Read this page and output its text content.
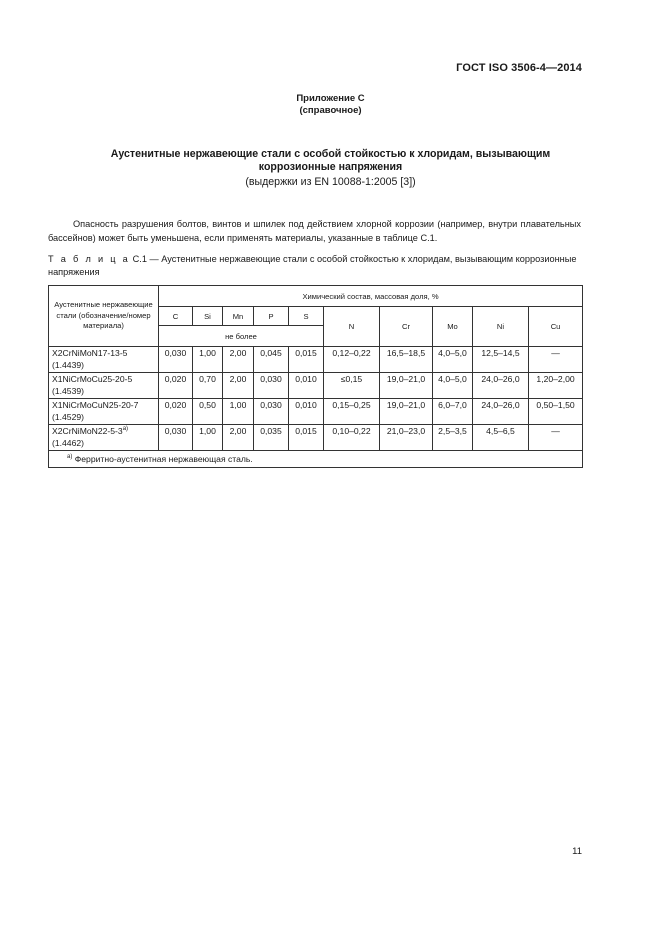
ГОСТ ISO 3506-4—2014
Приложение С
(справочное)
Аустенитные нержавеющие стали с особой стойкостью к хлоридам, вызывающим
коррозионные напряжения
(выдержки из EN 10088-1:2005 [3])
Опасность разрушения болтов, винтов и шпилек под действием хлорной коррозии (например, внутри плавательных бассейнов) может быть уменьшена, если применять материалы, указанные в таблице С.1.
Т а б л и ц а С.1 — Аустенитные нержавеющие стали с особой стойкостью к хлоридам, вызывающим коррозионные напряжения
Аустенитные нержавеющие стали (обозначение/номер материала)	Химический состав, массовая доля, %									
	C	Si	Mn	P	S	N	Cr	Mo	Ni	Cu
	не более									
X2CrNiMoN17-13-5
(1.4439)	0,030	1,00	2,00	0,045	0,015	0,12–0,22	16,5–18,5	4,0–5,0	12,5–14,5	—
X1NiCrMoCu25-20-5
(1.4539)	0,020	0,70	2,00	0,030	0,010	≤0,15	19,0–21,0	4,0–5,0	24,0–26,0	1,20–2,00
X1NiCrMoCuN25-20-7
(1.4529)	0,020	0,50	1,00	0,030	0,010	0,15–0,25	19,0–21,0	6,0–7,0	24,0–26,0	0,50–1,50
X2CrNiMoN22-5-3$^{a)}$
(1.4462)	0,030	1,00	2,00	0,035	0,015	0,10–0,22	21,0–23,0	2,5–3,5	4,5–6,5	—
$^{а)}$ Ферритно-аустенитная нержавеющая сталь.										
11
